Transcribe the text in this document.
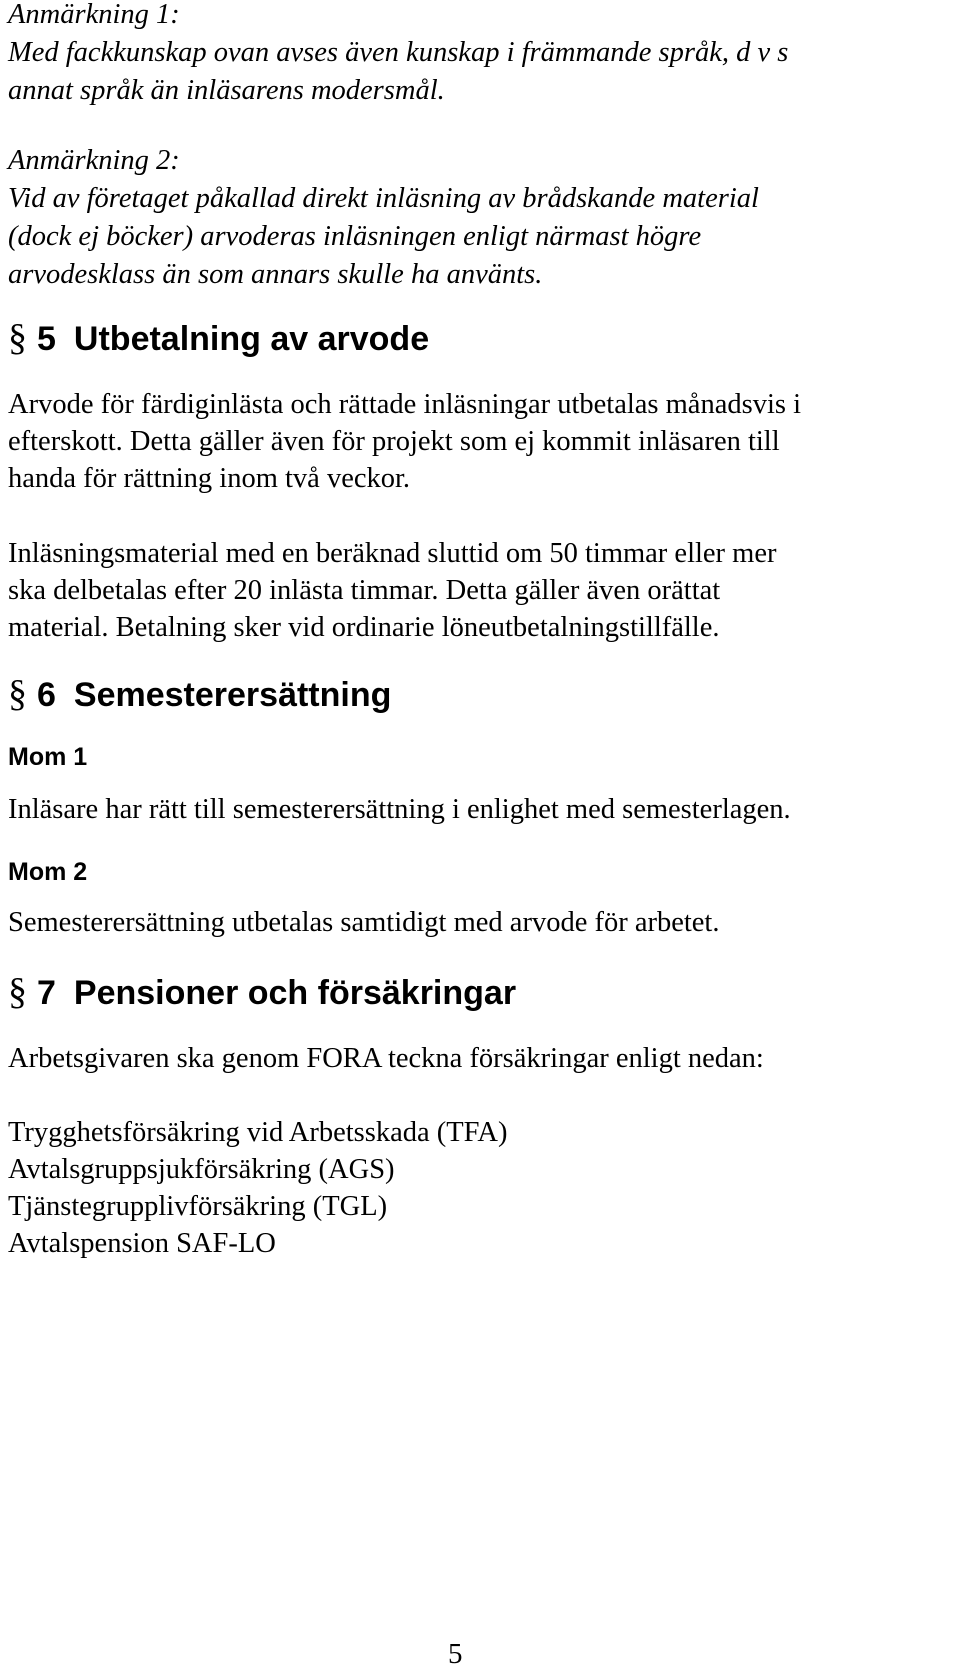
Anmärkning 1:
Med fackkunskap ovan avses även kunskap i främmande språk, d v s
annat språk än inläsarens modersmål.
Anmärkning 2:
Vid av företaget påkallad direkt inläsning av brådskande material
(dock ej böcker) arvoderas inläsningen enligt närmast högre
arvodesklass än som annars skulle ha använts.
§ 5 Utbetalning av arvode
Arvode för färdiginlästa och rättade inläsningar utbetalas månadsvis i
efterskott. Detta gäller även för projekt som ej kommit inläsaren till
handa för rättning inom två veckor.
Inläsningsmaterial med en beräknad sluttid om 50 timmar eller mer
ska delbetalas efter 20 inlästa timmar. Detta gäller även orättat
material. Betalning sker vid ordinarie löneutbetalningstillfälle.
§ 6 Semesterersättning
Mom 1
Inläsare har rätt till semesterersättning i enlighet med semesterlagen.
Mom 2
Semesterersättning utbetalas samtidigt med arvode för arbetet.
§ 7 Pensioner och försäkringar
Arbetsgivaren ska genom FORA teckna försäkringar enligt nedan:
Trygghetsförsäkring vid Arbetsskada (TFA)
Avtalsgruppsjukförsäkring (AGS)
Tjänstegrupplivförsäkring (TGL)
Avtalspension SAF-LO
5
